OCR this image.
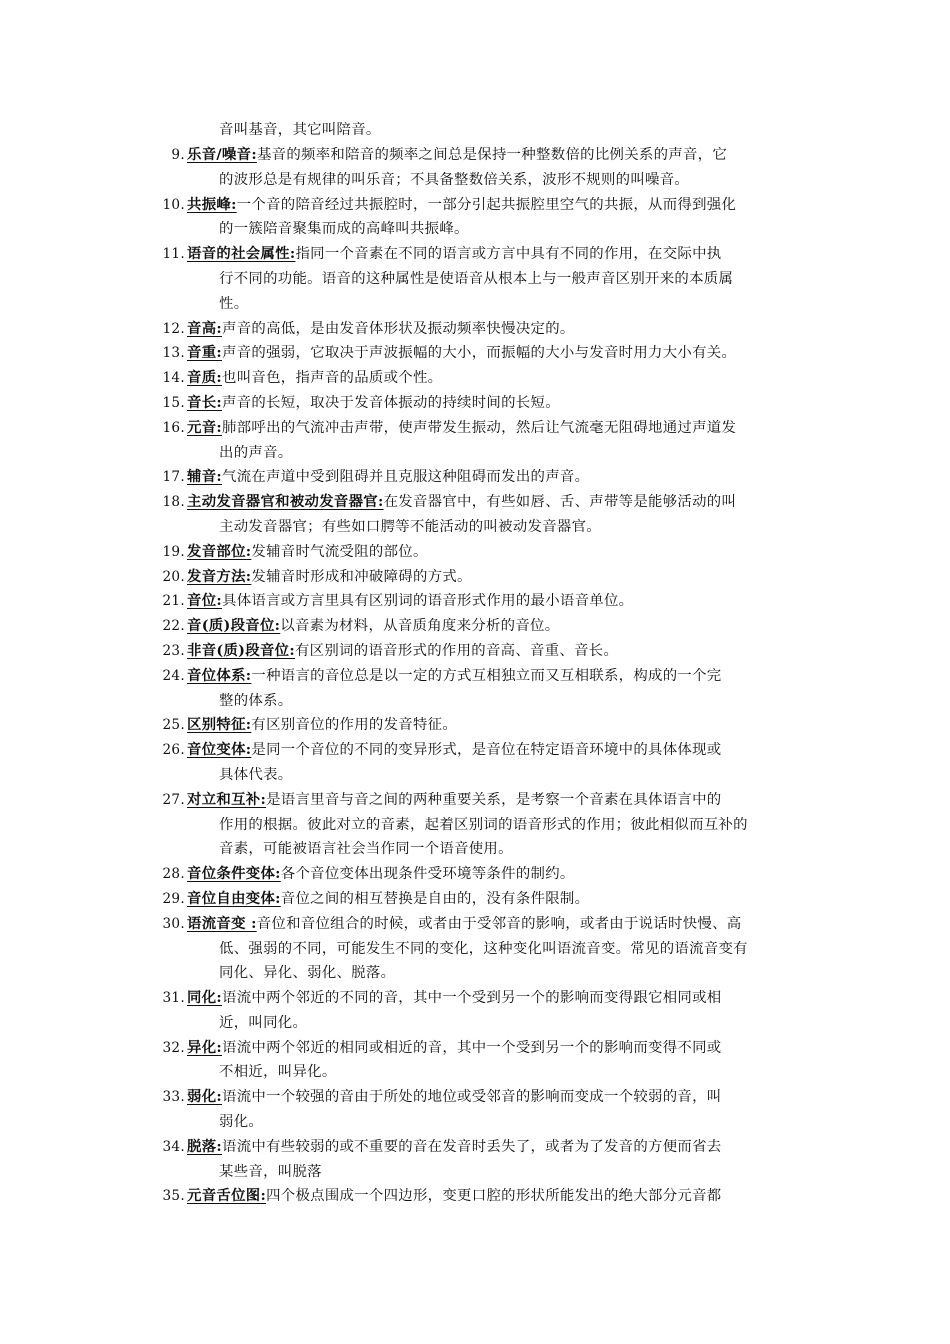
音叫基音，其它叫陪音。
9. 乐音/噪音:基音的频率和陪音的频率之间总是保持一种整数倍的比例关系的声音，它
的波形总是有规律的叫乐音；不具备整数倍关系，波形不规则的叫噪音。
10. 共振峰:一个音的陪音经过共振腔时，一部分引起共振腔里空气的共振，从而得到强化
的一簇陪音聚集而成的高峰叫共振峰。
11. 语音的社会属性:指同一个音素在不同的语言或方言中具有不同的作用，在交际中执
行不同的功能。语音的这种属性是使语音从根本上与一般声音区别开来的本质属
性。
12. 音高:声音的高低，是由发音体形状及振动频率快慢决定的。
13. 音重:声音的强弱，它取决于声波振幅的大小，而振幅的大小与发音时用力大小有关。
14. 音质:也叫音色，指声音的品质或个性。
15. 音长:声音的长短，取决于发音体振动的持续时间的长短。
16. 元音:肺部呼出的气流冲击声带，使声带发生振动，然后让气流毫无阻碍地通过声道发
出的声音。
17. 辅音:气流在声道中受到阻碍并且克服这种阻碍而发出的声音。
18. 主动发音器官和被动发音器官:在发音器官中，有些如唇、舌、声带等是能够活动的叫
主动发音器官；有些如口腭等不能活动的叫被动发音器官。
19. 发音部位:发辅音时气流受阻的部位。
20. 发音方法:发辅音时形成和冲破障碍的方式。
21. 音位:具体语言或方言里具有区别词的语音形式作用的最小语音单位。
22. 音(质)段音位:以音素为材料，从音质角度来分析的音位。
23. 非音(质)段音位:有区别词的语音形式的作用的音高、音重、音长。
24. 音位体系:一种语言的音位总是以一定的方式互相独立而又互相联系，构成的一个完
整的体系。
25. 区别特征:有区别音位的作用的发音特征。
26. 音位变体:是同一个音位的不同的变异形式，是音位在特定语音环境中的具体体现或
具体代表。
27. 对立和互补:是语言里音与音之间的两种重要关系，是考察一个音素在具体语言中的
作用的根据。彼此对立的音素，起着区别词的语音形式的作用；彼此相似而互补的
音素，可能被语言社会当作同一个语音使用。
28. 音位条件变体:各个音位变体出现条件受环境等条件的制约。
29. 音位自由变体:音位之间的相互替换是自由的，没有条件限制。
30. 语流音变 :音位和音位组合的时候，或者由于受邻音的影响，或者由于说话时快慢、高
低、强弱的不同，可能发生不同的变化，这种变化叫语流音变。常见的语流音变有
同化、异化、弱化、脱落。
31. 同化:语流中两个邻近的不同的音，其中一个受到另一个的影响而变得跟它相同或相
近，叫同化。
32. 异化:语流中两个邻近的相同或相近的音，其中一个受到另一个的影响而变得不同或
不相近，叫异化。
33. 弱化:语流中一个较强的音由于所处的地位或受邻音的影响而变成一个较弱的音，叫
弱化。
34. 脱落:语流中有些较弱的或不重要的音在发音时丢失了，或者为了发音的方便而省去
某些音，叫脱落
35. 元音舌位图:四个极点围成一个四边形，变更口腔的形状所能发出的绝大部分元音都
